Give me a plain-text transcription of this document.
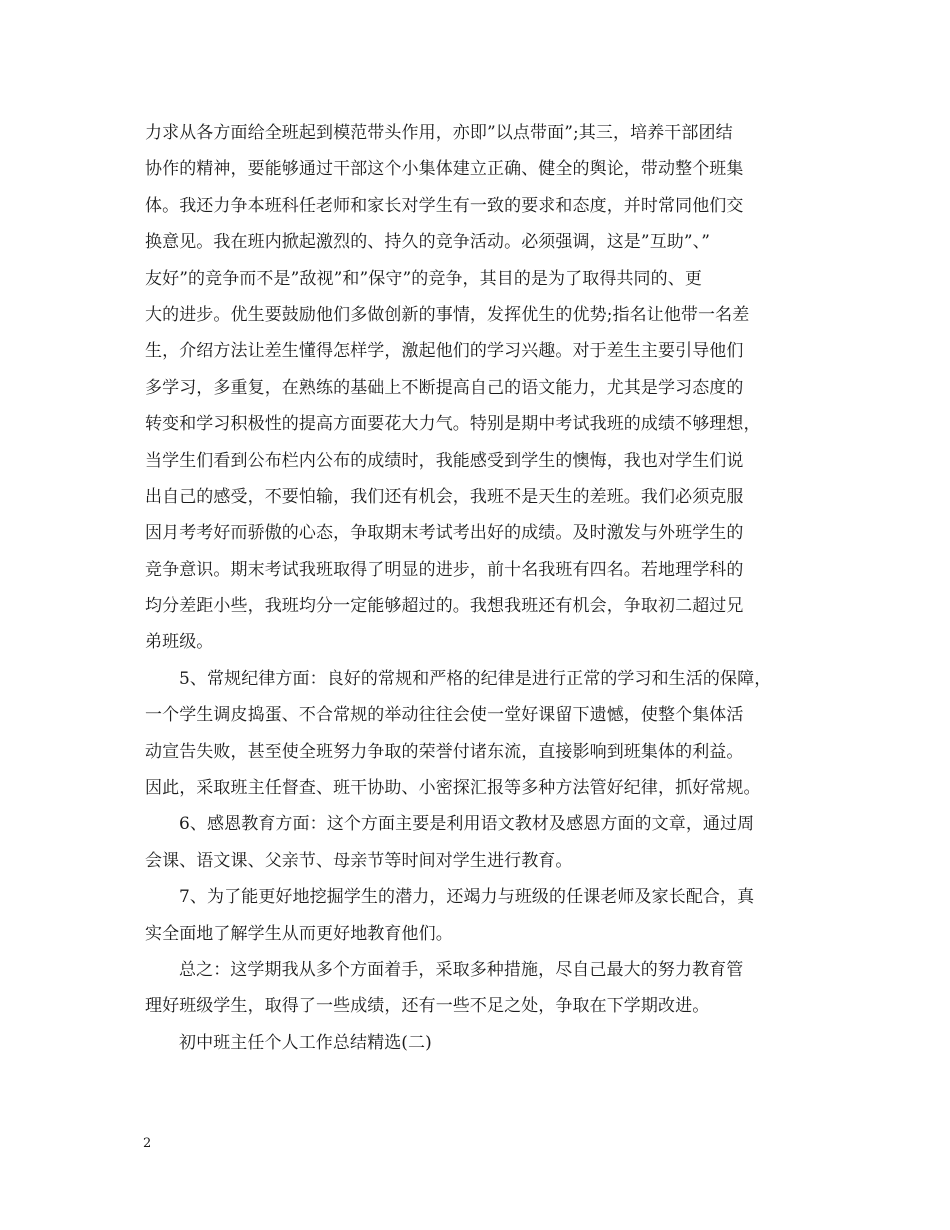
力求从各方面给全班起到模范带头作用，亦即”以点带面”;其三，培养干部团结
协作的精神，要能够通过干部这个小集体建立正确、健全的舆论，带动整个班集
体。我还力争本班科任老师和家长对学生有一致的要求和态度，并时常同他们交
换意见。我在班内掀起激烈的、持久的竞争活动。必须强调，这是”互助”、”
友好”的竞争而不是”敌视”和”保守”的竞争，其目的是为了取得共同的、更
大的进步。优生要鼓励他们多做创新的事情，发挥优生的优势;指名让他带一名差
生，介绍方法让差生懂得怎样学，激起他们的学习兴趣。对于差生主要引导他们
多学习，多重复，在熟练的基础上不断提高自己的语文能力，尤其是学习态度的
转变和学习积极性的提高方面要花大力气。特别是期中考试我班的成绩不够理想，
当学生们看到公布栏内公布的成绩时，我能感受到学生的懊悔，我也对学生们说
出自己的感受，不要怕输，我们还有机会，我班不是天生的差班。我们必须克服
因月考考好而骄傲的心态，争取期末考试考出好的成绩。及时激发与外班学生的
竞争意识。期末考试我班取得了明显的进步，前十名我班有四名。若地理学科的
均分差距小些，我班均分一定能够超过的。我想我班还有机会，争取初二超过兄
弟班级。
5、常规纪律方面：良好的常规和严格的纪律是进行正常的学习和生活的保障，
一个学生调皮捣蛋、不合常规的举动往往会使一堂好课留下遗憾，使整个集体活
动宣告失败，甚至使全班努力争取的荣誉付诸东流，直接影响到班集体的利益。
因此，采取班主任督查、班干协助、小密探汇报等多种方法管好纪律，抓好常规。
6、感恩教育方面：这个方面主要是利用语文教材及感恩方面的文章，通过周
会课、语文课、父亲节、母亲节等时间对学生进行教育。
7、为了能更好地挖掘学生的潜力，还竭力与班级的任课老师及家长配合，真
实全面地了解学生从而更好地教育他们。
总之：这学期我从多个方面着手，采取多种措施，尽自己最大的努力教育管
理好班级学生，取得了一些成绩，还有一些不足之处，争取在下学期改进。
初中班主任个人工作总结精选(二)
2
